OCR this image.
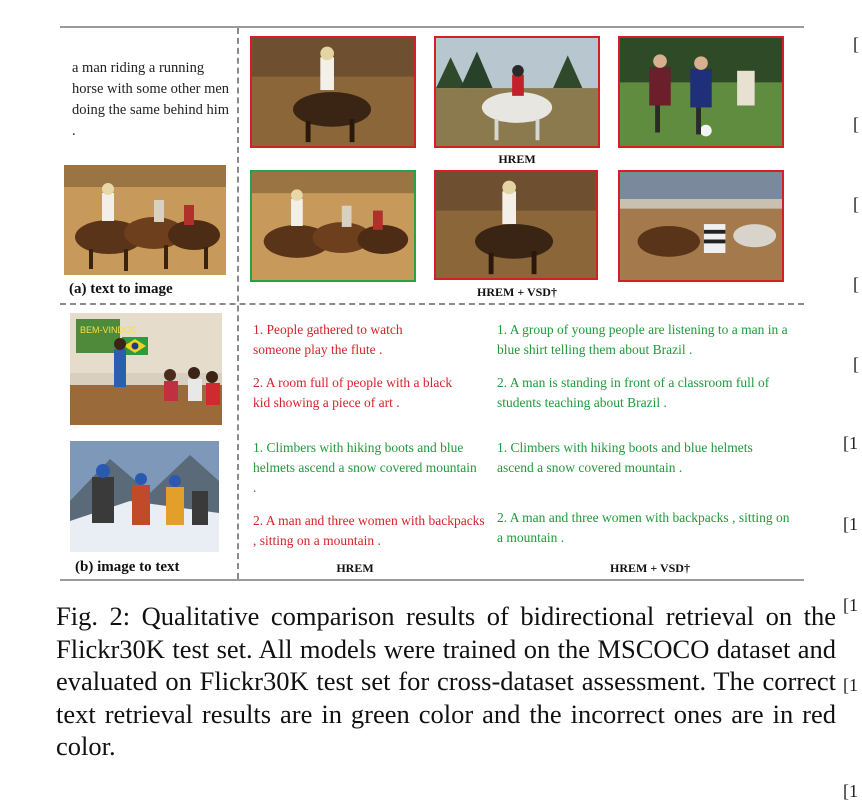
a man riding a running horse with some other men doing the same behind him .
(a) text to image
HREM
HREM + VSD†
BEM-VINDOS
(b) image to text
1. People gathered to watch someone play the flute .
2. A room full of people with a black kid showing a piece of art .
1. A group of young people are listening to a man in a blue shirt telling them about Brazil .
2. A man is standing in front of a classroom full of students teaching about Brazil .
1. Climbers with hiking boots and blue helmets ascend a snow covered mountain .
2. A man and three women with backpacks , sitting on a mountain .
1. Climbers with hiking boots and blue helmets ascend a snow covered mountain .
2. A man and three women with backpacks , sitting on a mountain .
HREM	HREM + VSD†
Fig. 2: Qualitative comparison results of bidirectional retrieval on the Flickr30K test set. All models were trained on the MSCOCO dataset and evaluated on Flickr30K test set for cross-dataset assessment. The correct text retrieval results are in green color and the incorrect ones are in red color.
[
[
[
[
[
[1
[1
[1
[1
[1
